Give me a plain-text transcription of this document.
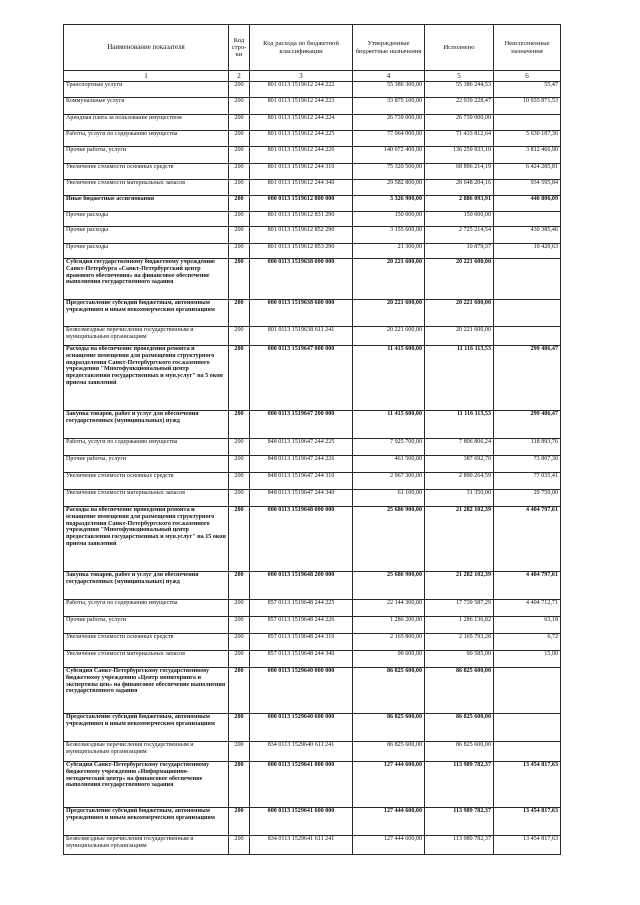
Наименование показателя	Код стро-ки	Код расхода по бюджетной классификации	Утвержденные бюджетные назначения	Исполнено	Неисполненные назначения
1	2	3	4	5	6
Транспортные услуги	200	801 0113 1519612 244 222	55 386 300,00	55 386 244,53	55,47
Коммунальные услуги	200	801 0113 1519612 244 223	33 875 100,00	22 939 228,47	10 935 871,53
Арендная плата за пользование имуществом	200	801 0113 1519612 244 224	26 739 000,00	26 739 000,00	
Работы, услуги по содержанию имущества	200	801 0113 1519612 244 225	77 064 000,00	71 433 812,64	5 630 187,36
Прочие работы, услуги	200	801 0113 1519612 244 226	140 072 400,00	136 259 933,10	3 812 466,90
Увеличение стоимости основных средств	200	801 0113 1519612 244 310	75 320 500,00	68 896 214,19	6 424 285,81
Увеличение стоимости материальных запасов	200	801 0113 1519612 244 340	29 582 800,00	28 648 204,16	934 595,84
Иные бюджетные ассигнования	200	000 0113 1519612 800 000	3 326 900,00	2 886 093,91	440 806,09
Прочие расходы	200	801 0113 1519612 831 290	150 000,00	150 000,00	
Прочие расходы	200	801 0113 1519612 852 290	3 155 600,00	2 725 214,54	430 385,46
Прочие расходы	200	801 0113 1519612 853 290	21 300,00	10 879,37	10 420,63
Субсидия государственному бюджетному учреждению Санкт-Петербурга «Санкт-Петербургский центр правового обеспечения» на финансовое обеспечение выполнения государственного задания	200	000 0113 1519638 000 000	20 221 600,00	20 221 600,00	
Предоставление субсидий бюджетным, автономным учреждениям и иным некоммерческим организациям	200	000 0113 1519638 600 000	20 221 600,00	20 221 600,00	
Безвозмездные перечисления государственным и муниципальным организациям	200	801 0113 1519638 611 241	20 221 600,00	20 221 600,00	
Расходы на обеспечение проведения ремонта и оснащение помещения для размещения структурного подразделения Санкт-Петербургского гос.казенного учреждения "Многофункциональный центр предоставления государственных и мун.услуг" на 5 окон приема заявлений	200	000 0113 1519647 000 000	11 415 600,00	11 116 113,53	299 486,47
Закупка товаров, работ и услуг для обеспечения государственных (муниципальных) нужд	200	000 0113 1519647 200 000	11 415 600,00	11 116 113,53	299 486,47
Работы, услуги по содержанию имущества	200	848 0113 1519647 244 225	7 925 700,00	7 806 806,24	118 893,76
Прочие работы, услуги	200	848 0113 1519647 244 226	461 500,00	387 692,70	73 807,30
Увеличение стоимости основных средств	200	848 0113 1519647 244 310	2 967 300,00	2 890 264,59	77 035,41
Увеличение стоимости материальных запасов	200	848 0113 1519647 244 340	61 100,00	31 350,00	29 750,00
Расходы на обеспечение проведения ремонта и оснащение помещения для размещения структурного подразделения Санкт-Петербургского гос.казенного учреждения "Многофункциональный центр предоставления государственных и мун.услуг" на 15 окон приема заявлений	200	000 0113 1519648 000 000	25 686 900,00	21 282 102,39	4 404 797,61
Закупка товаров, работ и услуг для обеспечения государственных (муниципальных) нужд	200	000 0113 1519648 200 000	25 686 900,00	21 282 102,39	4 404 797,61
Работы, услуги по содержанию имущества	200	857 0113 1519648 244 225	22 144 300,00	17 739 587,29	4 404 712,71
Прочие работы, услуги	200	857 0113 1519648 244 226	1 286 200,00	1 286 136,82	63,18
Увеличение стоимости основных средств	200	857 0113 1519648 244 310	2 165 800,00	2 165 793,28	6,72
Увеличение стоимости материальных запасов	200	857 0113 1519648 244 340	90 600,00	90 585,00	15,00
Субсидия Санкт-Петербургскому государственному бюджетному учреждению «Центр мониторинга и экспертизы цен» на финансовое обеспечение выполнения государственного задания	200	000 0113 1529640 000 000	86 825 600,00	86 825 600,00	
Предоставление субсидий бюджетным, автономным учреждениям и иным некоммерческим организациям	200	000 0113 1529640 600 000	86 825 600,00	86 825 600,00	
Безвозмездные перечисления государственным и муниципальным организациям	200	834 0113 1529640 611 241	86 825 600,00	86 825 600,00	
Субсидия Санкт-Петербургскому государственному бюджетному учреждению «Информационно-методический центр» на финансовое обеспечение выполнения государственного задания	200	000 0113 1529641 000 000	127 444 600,00	113 989 782,37	13 454 817,63
Предоставление субсидий бюджетным, автономным учреждениям и иным некоммерческим организациям	200	000 0113 1529641 600 000	127 444 600,00	113 989 782,37	13 454 817,63
Безвозмездные перечисления государственным и муниципальным организациям	200	834 0113 1529641 611 241	127 444 600,00	113 989 782,37	13 454 817,63
